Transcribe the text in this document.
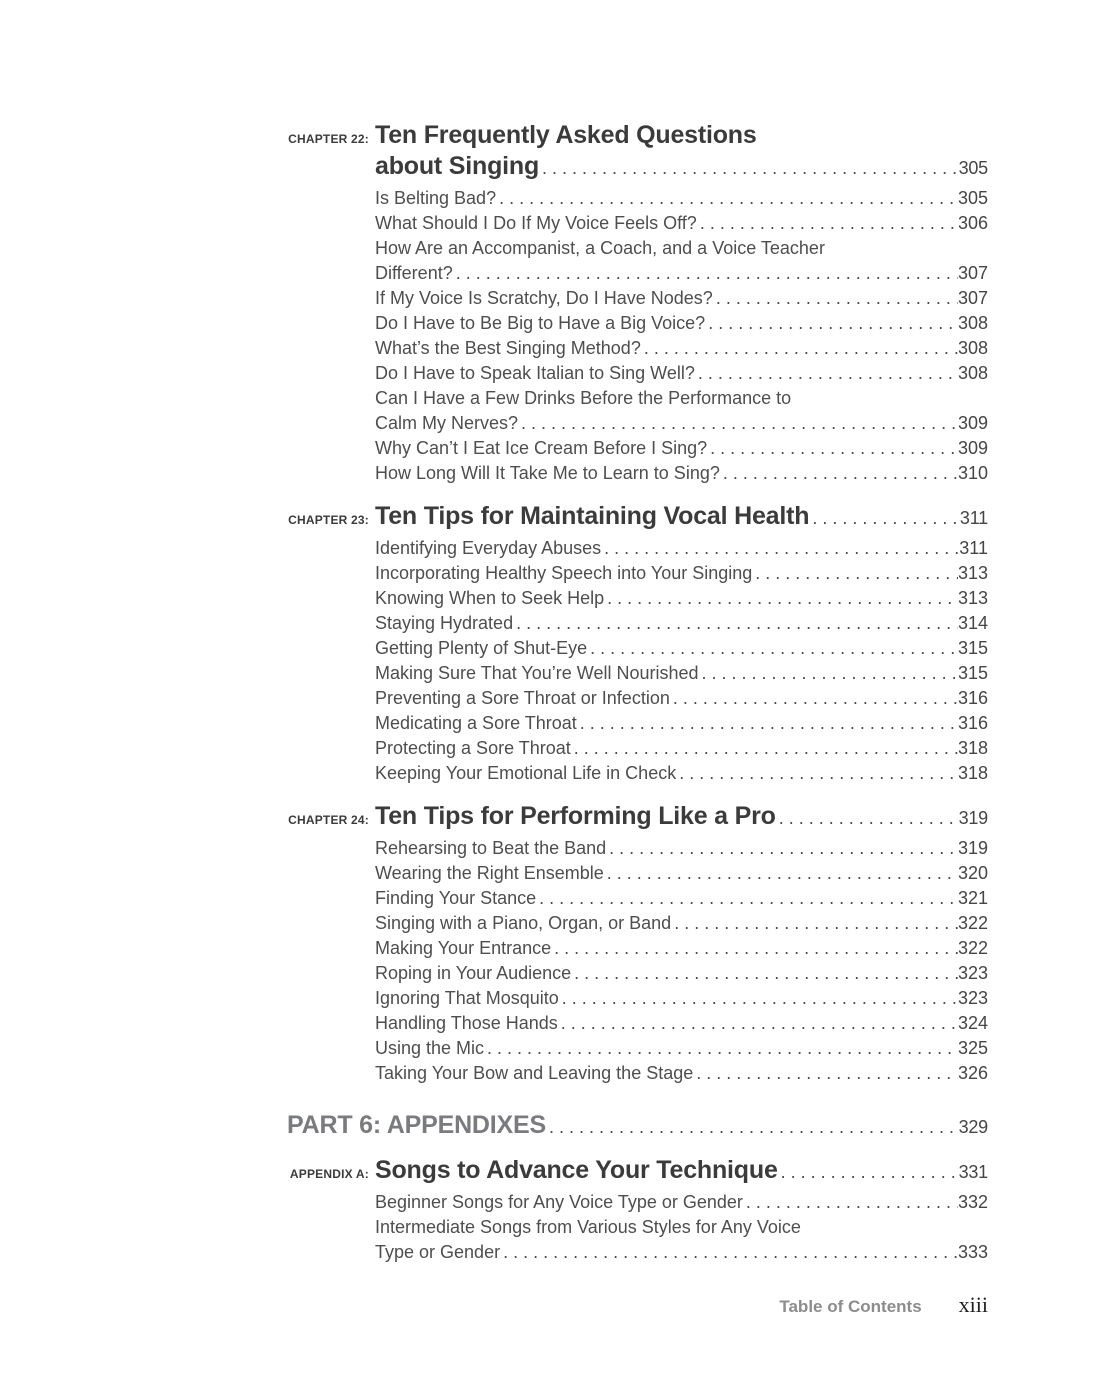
CHAPTER 22: Ten Frequently Asked Questions
about Singing . . .	305
Is Belting Bad? . . .	305
What Should I Do If My Voice Feels Off? . . .	306
How Are an Accompanist, a Coach, and a Voice Teacher
Different? . . .	307
If My Voice Is Scratchy, Do I Have Nodes? . . .	307
Do I Have to Be Big to Have a Big Voice? . . .	308
What’s the Best Singing Method? . . .	308
Do I Have to Speak Italian to Sing Well? . . .	308
Can I Have a Few Drinks Before the Performance to
Calm My Nerves? . . .	309
Why Can’t I Eat Ice Cream Before I Sing? . . .	309
How Long Will It Take Me to Learn to Sing? . . .	310
CHAPTER 23: Ten Tips for Maintaining Vocal Health . . .	311
Identifying Everyday Abuses . . .	311
Incorporating Healthy Speech into Your Singing . . .	313
Knowing When to Seek Help . . .	313
Staying Hydrated . . .	314
Getting Plenty of Shut-Eye . . .	315
Making Sure That You’re Well Nourished . . .	315
Preventing a Sore Throat or Infection . . .	316
Medicating a Sore Throat . . .	316
Protecting a Sore Throat . . .	318
Keeping Your Emotional Life in Check . . .	318
CHAPTER 24: Ten Tips for Performing Like a Pro . . .	319
Rehearsing to Beat the Band . . .	319
Wearing the Right Ensemble . . .	320
Finding Your Stance . . .	321
Singing with a Piano, Organ, or Band . . .	322
Making Your Entrance . . .	322
Roping in Your Audience . . .	323
Ignoring That Mosquito . . .	323
Handling Those Hands . . .	324
Using the Mic . . .	325
Taking Your Bow and Leaving the Stage . . .	326
PART 6: APPENDIXES . . .	329
APPENDIX A: Songs to Advance Your Technique . . .	331
Beginner Songs for Any Voice Type or Gender . . .	332
Intermediate Songs from Various Styles for Any Voice
Type or Gender . . .	333
Table of Contents xiii
